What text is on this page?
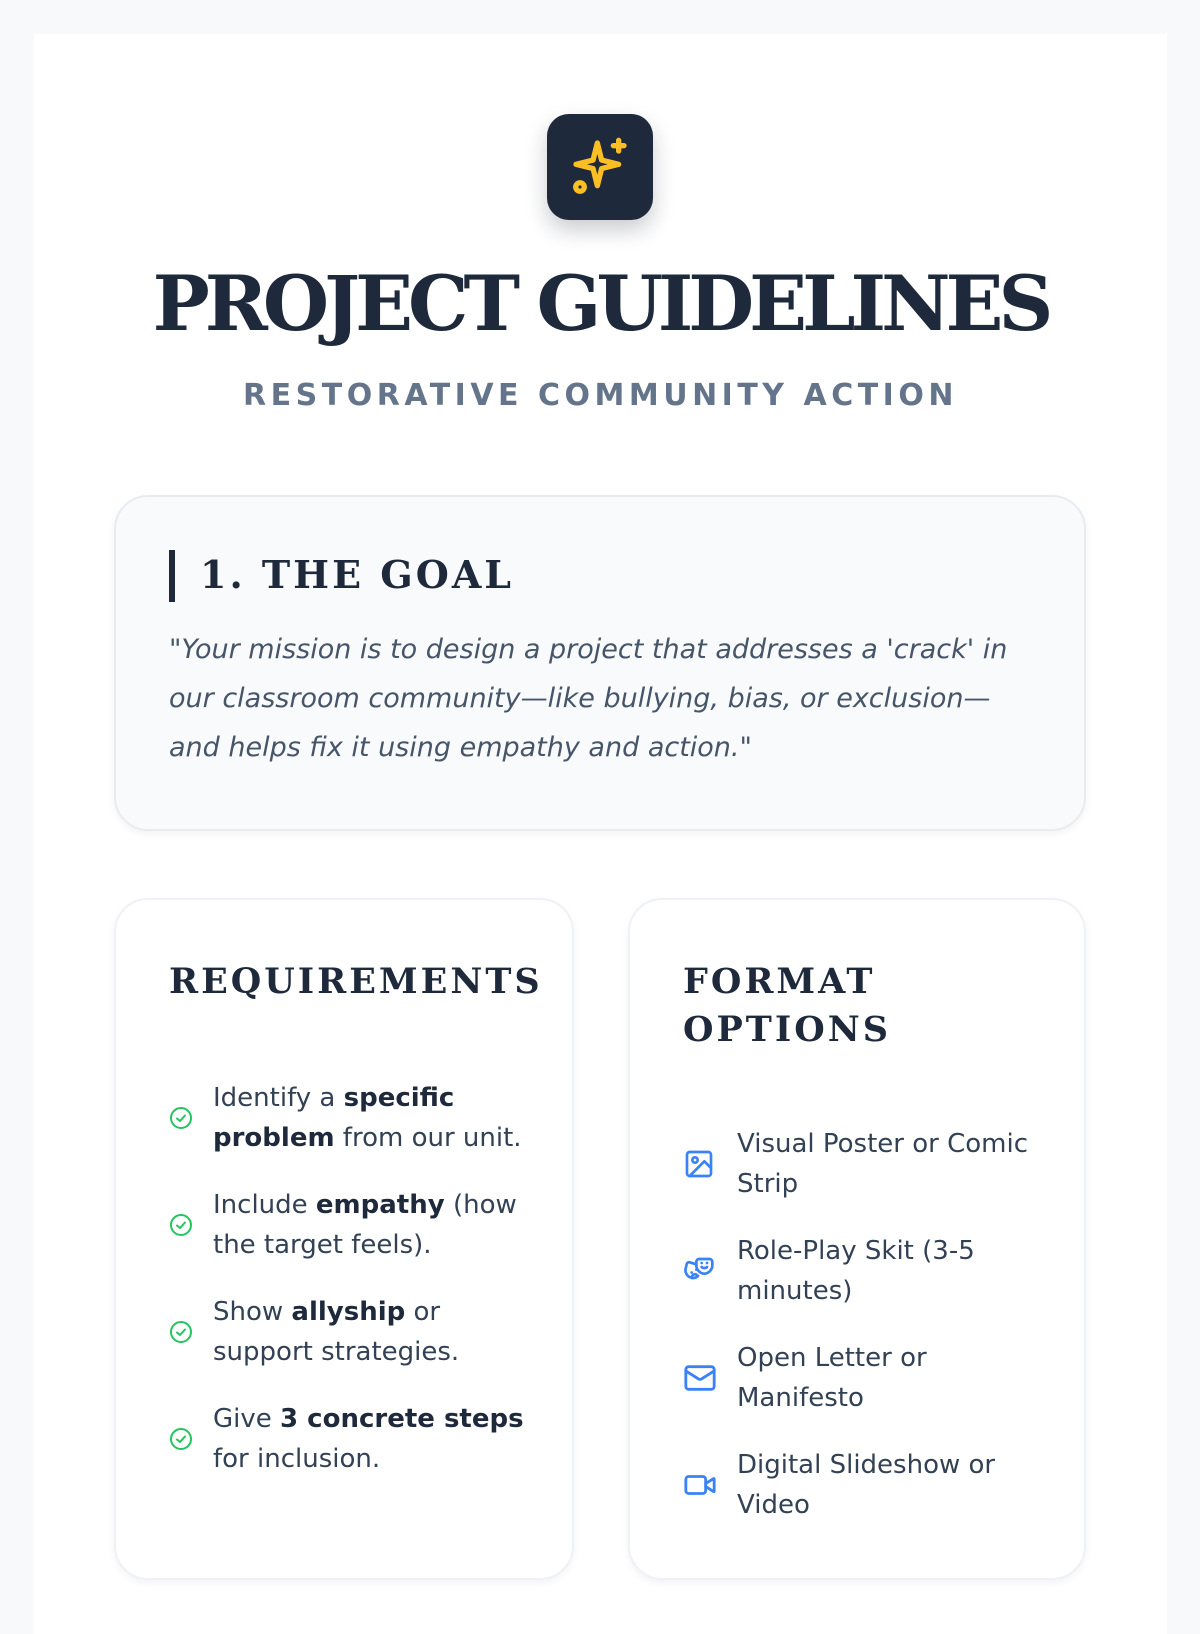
PROJECT GUIDELINES
RESTORATIVE COMMUNITY ACTION
1. THE GOAL

"Your mission is to design a project that addresses a 'crack' in our classroom community—like bullying, bias, or exclusion—and helps fix it using empathy and action."

REQUIREMENTS
Identify a specific problem from our unit.
Include empathy (how the target feels).
Show allyship or support strategies.
Give 3 concrete steps for inclusion.
FORMAT OPTIONS
Visual Poster or Comic Strip
Role-Play Skit (3-5 minutes)
Open Letter or Manifesto
Digital Slideshow or Video
